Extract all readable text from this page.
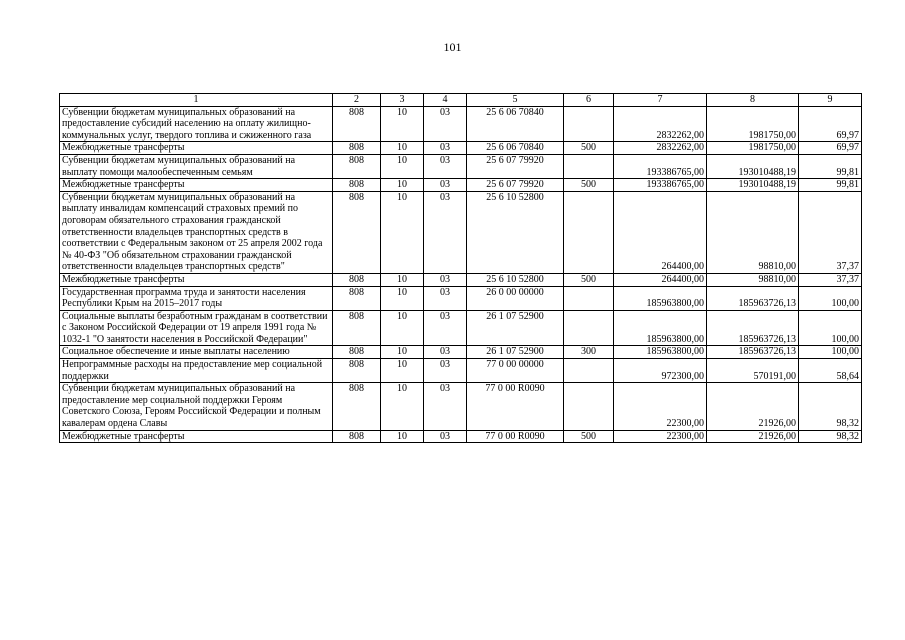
101
1	2	3	4	5	6	7	8	9
Субвенции бюджетам муниципальных образований на предоставление субсидий населению на оплату жилищно-коммунальных услуг, твердого топлива и сжиженного газа	808	10	03	25 6 06 70840		2832262,00	1981750,00	69,97
Межбюджетные трансферты	808	10	03	25 6 06 70840	500	2832262,00	1981750,00	69,97
Субвенции бюджетам муниципальных образований на выплату помощи малообеспеченным семьям	808	10	03	25 6 07 79920		193386765,00	193010488,19	99,81
Межбюджетные трансферты	808	10	03	25 6 07 79920	500	193386765,00	193010488,19	99,81
Субвенции бюджетам муниципальных образований на выплату инвалидам компенсаций страховых премий по договорам обязательного страхования гражданской ответственности владельцев транспортных средств в соответствии с Федеральным законом от 25 апреля 2002 года № 40-ФЗ "Об обязательном страховании гражданской ответственности владельцев транспортных средств"	808	10	03	25 6 10 52800		264400,00	98810,00	37,37
Межбюджетные трансферты	808	10	03	25 6 10 52800	500	264400,00	98810,00	37,37
Государственная программа труда и занятости населения Республики Крым на 2015–2017 годы	808	10	03	26 0 00 00000		185963800,00	185963726,13	100,00
Социальные выплаты безработным гражданам в соответствии с Законом Российской Федерации от 19 апреля 1991 года № 1032-1 "О занятости населения в Российской Федерации"	808	10	03	26 1 07 52900		185963800,00	185963726,13	100,00
Социальное обеспечение и иные выплаты населению	808	10	03	26 1 07 52900	300	185963800,00	185963726,13	100,00
Непрограммные расходы на предоставление мер социальной поддержки	808	10	03	77 0 00 00000		972300,00	570191,00	58,64
Субвенции бюджетам муниципальных образований на предоставление мер социальной поддержки Героям Советского Союза, Героям Российской Федерации и полным кавалерам ордена Славы	808	10	03	77 0 00 R0090		22300,00	21926,00	98,32
Межбюджетные трансферты	808	10	03	77 0 00 R0090	500	22300,00	21926,00	98,32
